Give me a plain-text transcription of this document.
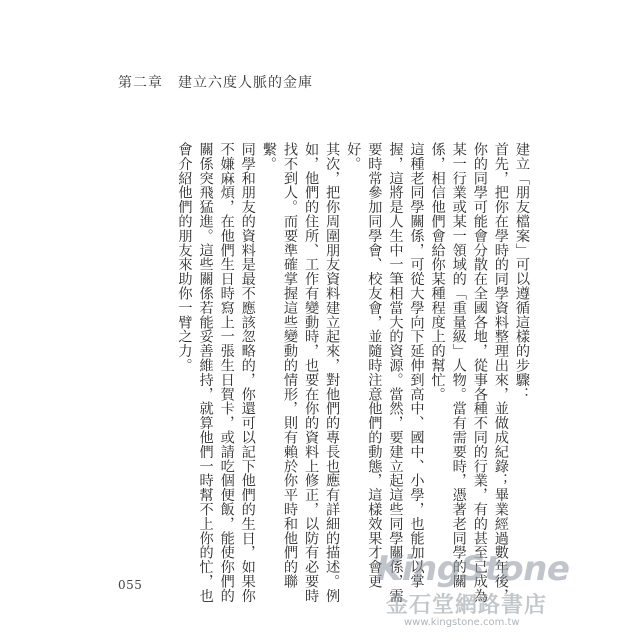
第二章　建立六度人脈的金庫

建立「朋友檔案」可以遵循這樣的步驟：

首先，把你在學時的同學資料整理出來，並做成紀錄；畢業經過數年後，你的同學可能會分散在全國各地，從事各種不同的行業，有的甚至已成為某一行業或某一領域的「重量級」人物。當有需要時，憑著老同學的關係，相信他們會給你某種程度上的幫忙。

這種老同學關係，可從大學向下延伸到高中、國中、小學，也能加以掌握，這將是人生中一筆相當大的資源。當然，要建立起這些同學關係，需要時常參加同學會、校友會，並隨時注意他們的動態，這樣效果才會更好。

其次，把你周圍朋友資料建立起來，對他們的專長也應有詳細的描述。例如，他們的住所、工作有變動時，也要在你的資料上修正，以防有必要時找不到人。而要準確掌握這些變動的情形，則有賴於你平時和他們的聯繫。

同學和朋友的資料是最不應該忽略的，你還可以記下他們的生日，如果你不嫌麻煩，在他們生日時寫上一張生日賀卡，或請吃個便飯，能使你們的關係突飛猛進。這些關係若能妥善維持，就算他們一時幫不上你的忙，也會介紹他們的朋友來助你一臂之力。

055	KingStone
金石堂網路書店
www.kingstone.com.tw
